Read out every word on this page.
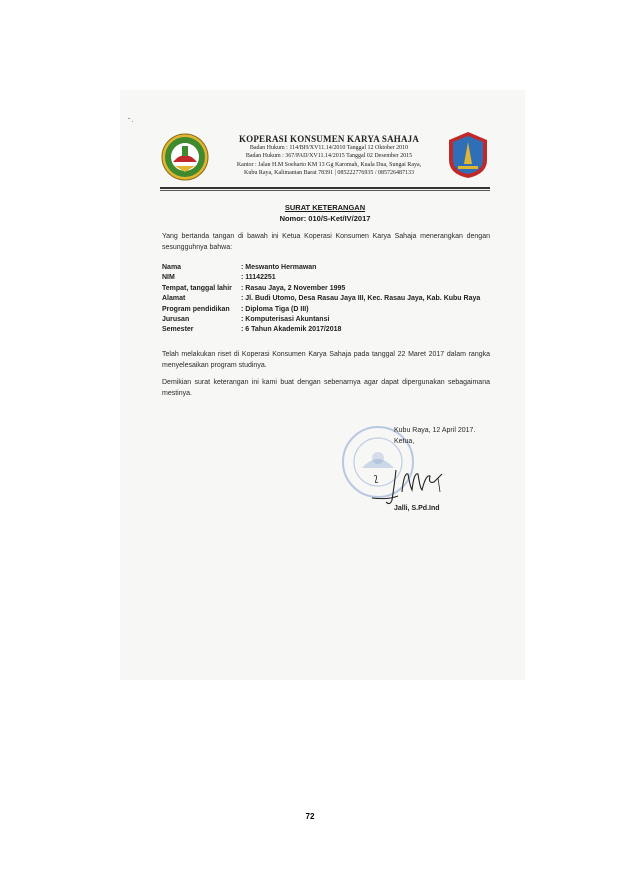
KOPERASI KONSUMEN KARYA SAHAJA
Badan Hukum : 114/BH/XV11.14/2010 Tanggal 12 Oktober 2010
Badan Hukum : 367/PAD/XV11.14/2015 Tanggal 02 Desember 2015
Kantor : Jalan H.M Soeharto KM 13 Gg Karomah, Kuala Dua, Sungai Raya,
Kubu Raya, Kalimantan Barat 78391 | 085222776935 / 085726487133
SURAT KETERANGAN
Nomor: 010/S-Ket/IV/2017
Yang bertanda tangan di bawah ini Ketua Koperasi Konsumen Karya Sahaja menerangkan dengan sesungguhnya bahwa:
Nama	: Meswanto Hermawan
NIM	: 11142251
Tempat, tanggal lahir	: Rasau Jaya, 2 November 1995
Alamat	: Jl. Budi Utomo, Desa Rasau Jaya III, Kec. Rasau Jaya, Kab. Kubu Raya
Program pendidikan	: Diploma Tiga (D III)
Jurusan	: Komputerisasi Akuntansi
Semester	: 6 Tahun Akademik 2017/2018
Telah melakukan riset di Koperasi Konsumen Karya Sahaja pada tanggal 22 Maret 2017 dalam rangka menyelesaikan program studinya.
Demikian surat keterangan ini kami buat dengan sebenarnya agar dapat dipergunakan sebagaimana mestinya.
Kubu Raya, 12 April 2017.
Ketua,
Jalli, S.Pd.Ind
72
